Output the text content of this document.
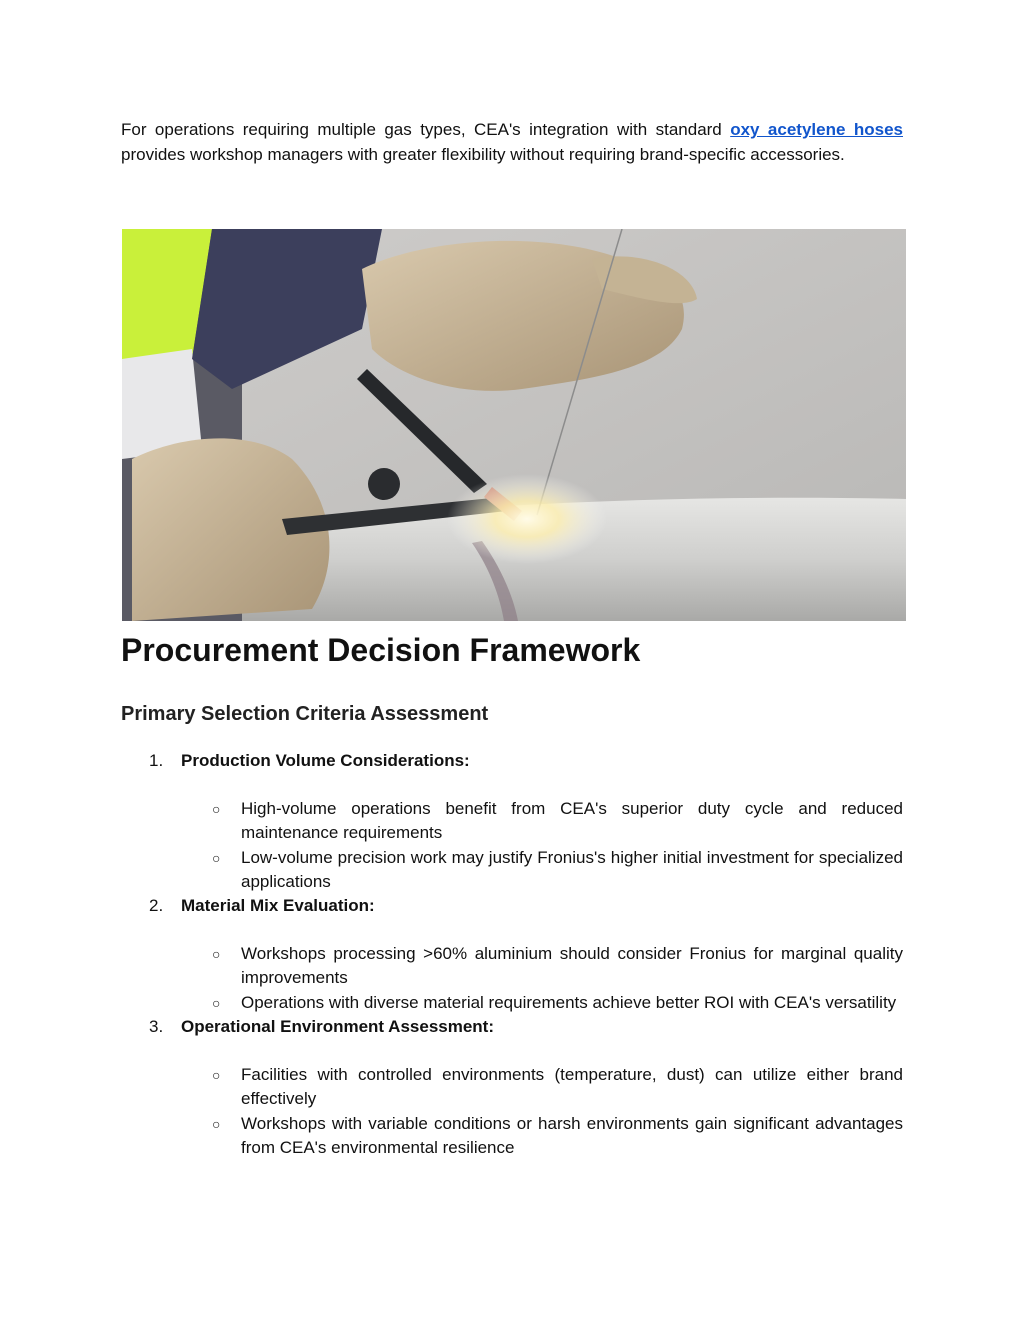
For operations requiring multiple gas types, CEA's integration with standard oxy acetylene hoses provides workshop managers with greater flexibility without requiring brand-specific accessories.

Procurement Decision Framework
Primary Selection Criteria Assessment
1.	Production Volume Considerations:
○ High-volume operations benefit from CEA's superior duty cycle and reduced maintenance requirements
○ Low-volume precision work may justify Fronius's higher initial investment for specialized applications
2.	Material Mix Evaluation:
○ Workshops processing >60% aluminium should consider Fronius for marginal quality improvements
○ Operations with diverse material requirements achieve better ROI with CEA's versatility
3.	Operational Environment Assessment:
○ Facilities with controlled environments (temperature, dust) can utilize either brand effectively
○ Workshops with variable conditions or harsh environments gain significant advantages from CEA's environmental resilience
